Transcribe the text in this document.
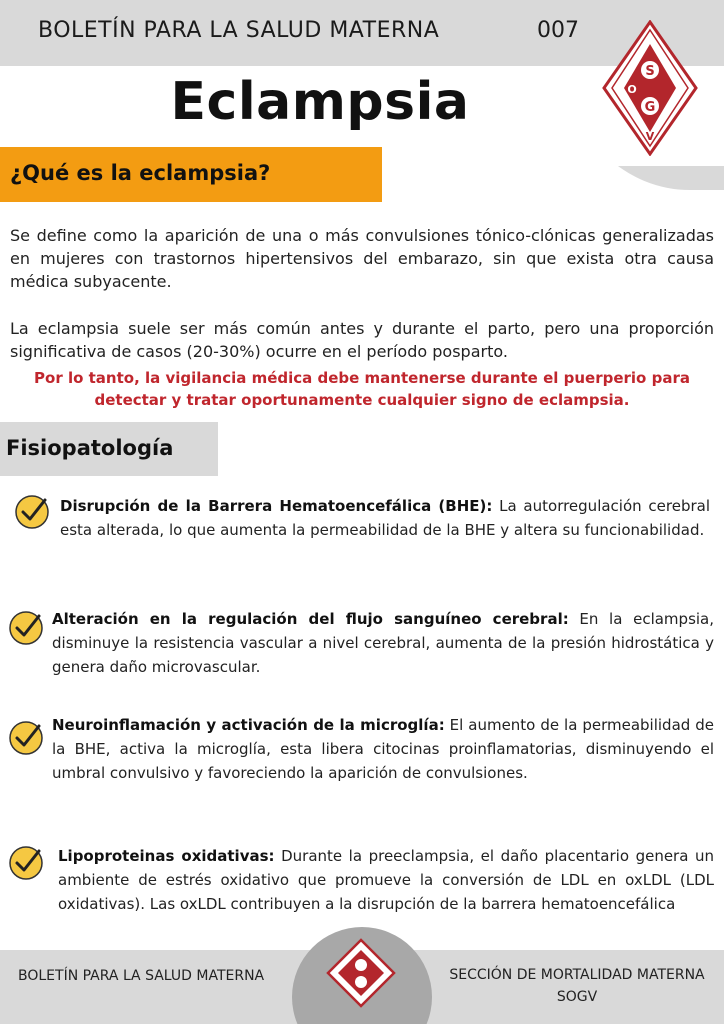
BOLETÍN PARA LA SALUD MATERNA	007
S
O
G
V
Eclampsia
¿Qué es la eclampsia?

Se define como la aparición de una o más convulsiones tónico-clónicas generalizadas en mujeres con trastornos hipertensivos del embarazo, sin que exista otra causa médica subyacente.

La eclampsia suele ser más común antes y durante el parto, pero una proporción significativa de casos (20-30%) ocurre en el período posparto.

Por lo tanto, la vigilancia médica debe mantenerse durante el puerperio para detectar y tratar oportunamente cualquier signo de eclampsia.

Fisiopatología
Disrupción de la Barrera Hematoencefálica (BHE): La autorregulación cerebral esta alterada, lo que aumenta la permeabilidad de la BHE y altera su funcionabilidad.
Alteración en la regulación del flujo sanguíneo cerebral: En la eclampsia, disminuye la resistencia vascular a nivel cerebral, aumenta de la presión hidrostática y genera daño microvascular.
Neuroinflamación y activación de la microglía: El aumento de la permeabilidad de la BHE, activa la microglía, esta libera citocinas proinflamatorias, disminuyendo el umbral convulsivo y favoreciendo la aparición de convulsiones.
Lipoproteinas oxidativas: Durante la preeclampsia, el daño placentario genera un ambiente de estrés oxidativo que promueve la conversión de LDL en oxLDL (LDL oxidativas). Las oxLDL contribuyen a la disrupción de la barrera hematoencefálica
BOLETÍN PARA LA SALUD MATERNA	SECCIÓN DE MORTALIDAD MATERNA
SOGV
